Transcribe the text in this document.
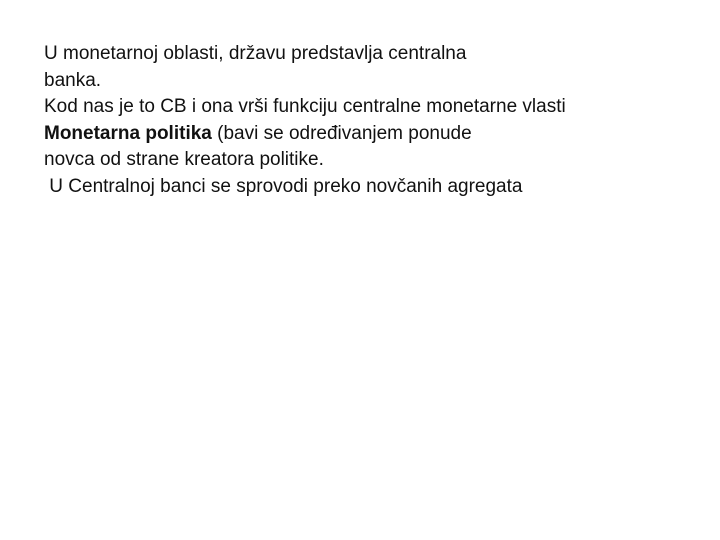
U monetarnoj oblasti, državu predstavlja centralna
banka.
Kod nas je to CB i ona vrši funkciju centralne monetarne vlasti
Monetarna politika (bavi se određivanjem ponude
novca od strane kreatora politike.
U Centralnoj banci se sprovodi preko novčanih agregata
